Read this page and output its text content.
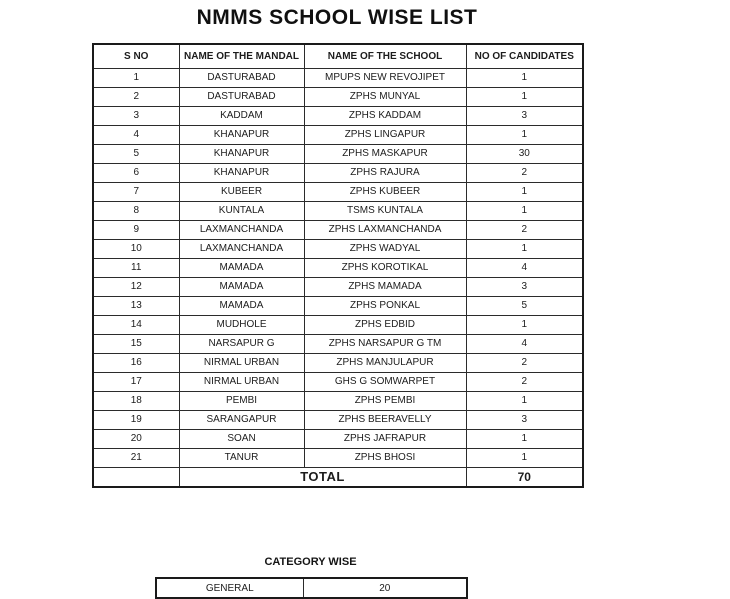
NMMS SCHOOL WISE LIST
S NO	NAME OF THE MANDAL	NAME OF THE SCHOOL	NO OF CANDIDATES
1	DASTURABAD	MPUPS NEW REVOJIPET	1
2	DASTURABAD	ZPHS MUNYAL	1
3	KADDAM	ZPHS KADDAM	3
4	KHANAPUR	ZPHS LINGAPUR	1
5	KHANAPUR	ZPHS MASKAPUR	30
6	KHANAPUR	ZPHS RAJURA	2
7	KUBEER	ZPHS KUBEER	1
8	KUNTALA	TSMS KUNTALA	1
9	LAXMANCHANDA	ZPHS LAXMANCHANDA	2
10	LAXMANCHANDA	ZPHS WADYAL	1
11	MAMADA	ZPHS KOROTIKAL	4
12	MAMADA	ZPHS MAMADA	3
13	MAMADA	ZPHS PONKAL	5
14	MUDHOLE	ZPHS EDBID	1
15	NARSAPUR G	ZPHS NARSAPUR G TM	4
16	NIRMAL URBAN	ZPHS MANJULAPUR	2
17	NIRMAL URBAN	GHS G SOMWARPET	2
18	PEMBI	ZPHS PEMBI	1
19	SARANGAPUR	ZPHS BEERAVELLY	3
20	SOAN	ZPHS JAFRAPUR	1
21	TANUR	ZPHS BHOSI	1
	TOTAL		70
CATEGORY WISE
GENERAL	20
